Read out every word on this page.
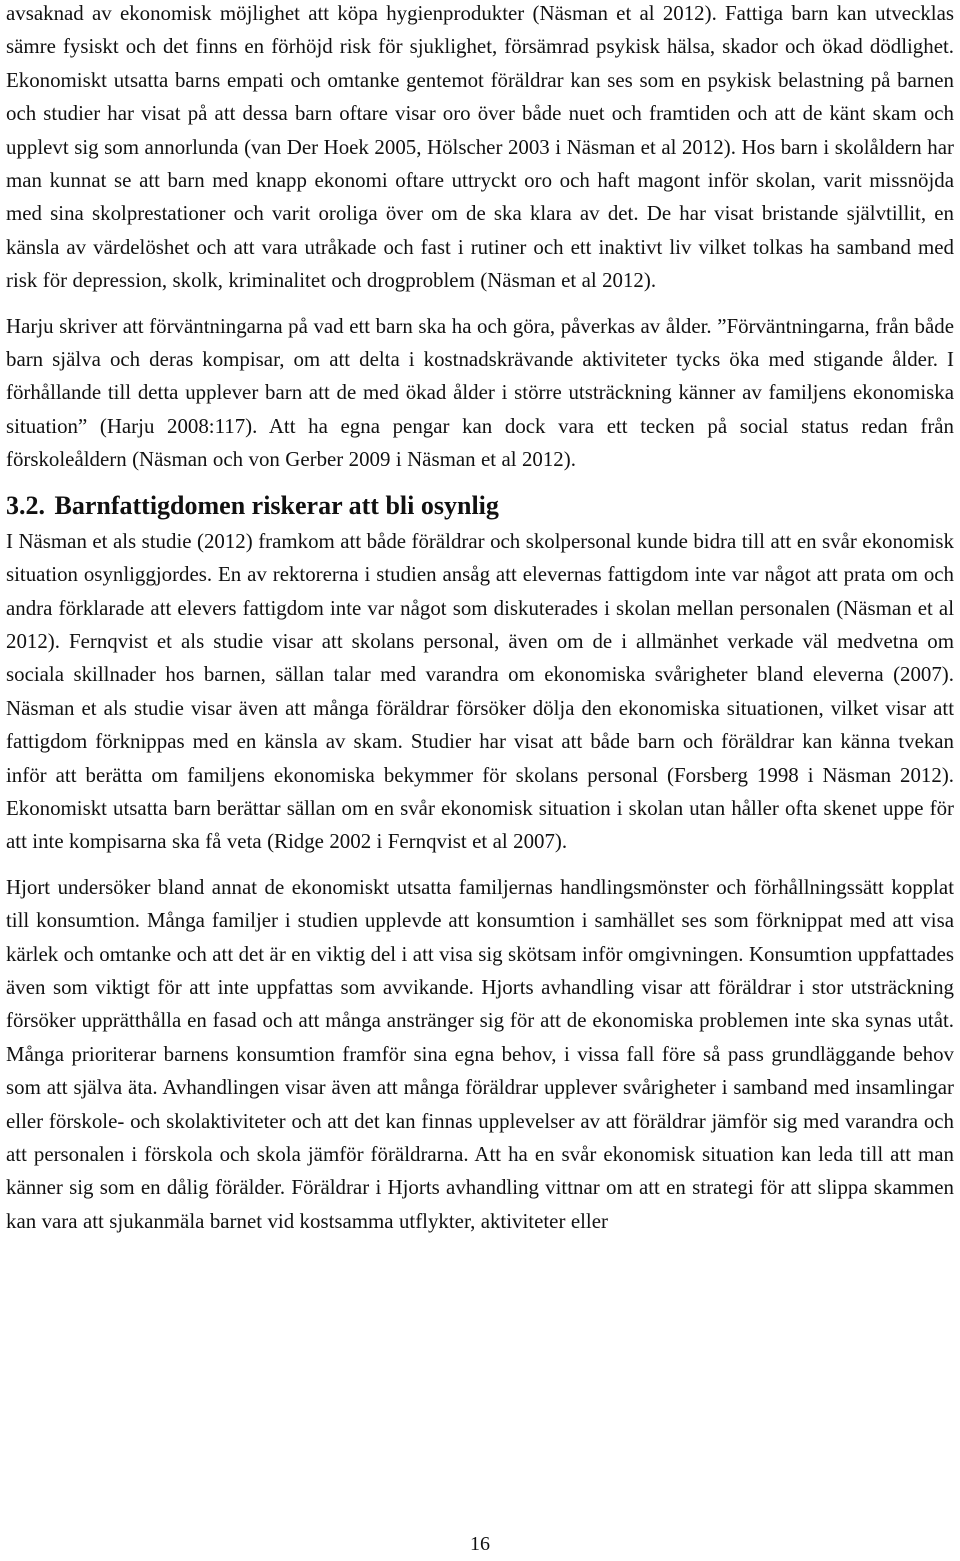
avsaknad av ekonomisk möjlighet att köpa hygienprodukter (Näsman et al 2012). Fattiga barn kan utvecklas sämre fysiskt och det finns en förhöjd risk för sjuklighet, försämrad psykisk hälsa, skador och ökad dödlighet. Ekonomiskt utsatta barns empati och omtanke gentemot föräldrar kan ses som en psykisk belastning på barnen och studier har visat på att dessa barn oftare visar oro över både nuet och framtiden och att de känt skam och upplevt sig som annorlunda (van Der Hoek 2005, Hölscher 2003 i Näsman et al 2012). Hos barn i skolåldern har man kunnat se att barn med knapp ekonomi oftare uttryckt oro och haft magont inför skolan, varit missnöjda med sina skolprestationer och varit oroliga över om de ska klara av det. De har visat bristande självtillit, en känsla av värdelöshet och att vara utråkade och fast i rutiner och ett inaktivt liv vilket tolkas ha samband med risk för depression, skolk, kriminalitet och drogproblem (Näsman et al 2012).

Harju skriver att förväntningarna på vad ett barn ska ha och göra, påverkas av ålder. ”Förväntningarna, från både barn själva och deras kompisar, om att delta i kostnadskrävande aktiviteter tycks öka med stigande ålder. I förhållande till detta upplever barn att de med ökad ålder i större utsträckning känner av familjens ekonomiska situation” (Harju 2008:117). Att ha egna pengar kan dock vara ett tecken på social status redan från förskoleåldern (Näsman och von Gerber 2009 i Näsman et al 2012).

3.2. Barnfattigdomen riskerar att bli osynlig

I Näsman et als studie (2012) framkom att både föräldrar och skolpersonal kunde bidra till att en svår ekonomisk situation osynliggjordes. En av rektorerna i studien ansåg att elevernas fattigdom inte var något att prata om och andra förklarade att elevers fattigdom inte var något som diskuterades i skolan mellan personalen (Näsman et al 2012). Fernqvist et als studie visar att skolans personal, även om de i allmänhet verkade väl medvetna om sociala skillnader hos barnen, sällan talar med varandra om ekonomiska svårigheter bland eleverna (2007). Näsman et als studie visar även att många föräldrar försöker dölja den ekonomiska situationen, vilket visar att fattigdom förknippas med en känsla av skam. Studier har visat att både barn och föräldrar kan känna tvekan inför att berätta om familjens ekonomiska bekymmer för skolans personal (Forsberg 1998 i Näsman 2012). Ekonomiskt utsatta barn berättar sällan om en svår ekonomisk situation i skolan utan håller ofta skenet uppe för att inte kompisarna ska få veta (Ridge 2002 i Fernqvist et al 2007).

Hjort undersöker bland annat de ekonomiskt utsatta familjernas handlingsmönster och förhållningssätt kopplat till konsumtion. Många familjer i studien upplevde att konsumtion i samhället ses som förknippat med att visa kärlek och omtanke och att det är en viktig del i att visa sig skötsam inför omgivningen. Konsumtion uppfattades även som viktigt för att inte uppfattas som avvikande. Hjorts avhandling visar att föräldrar i stor utsträckning försöker upprätthålla en fasad och att många anstränger sig för att de ekonomiska problemen inte ska synas utåt. Många prioriterar barnens konsumtion framför sina egna behov, i vissa fall före så pass grundläggande behov som att själva äta. Avhandlingen visar även att många föräldrar upplever svårigheter i samband med insamlingar eller förskole- och skolaktiviteter och att det kan finnas upplevelser av att föräldrar jämför sig med varandra och att personalen i förskola och skola jämför föräldrarna. Att ha en svår ekonomisk situation kan leda till att man känner sig som en dålig förälder. Föräldrar i Hjorts avhandling vittnar om att en strategi för att slippa skammen kan vara att sjukanmäla barnet vid kostsamma utflykter, aktiviteter eller

16
